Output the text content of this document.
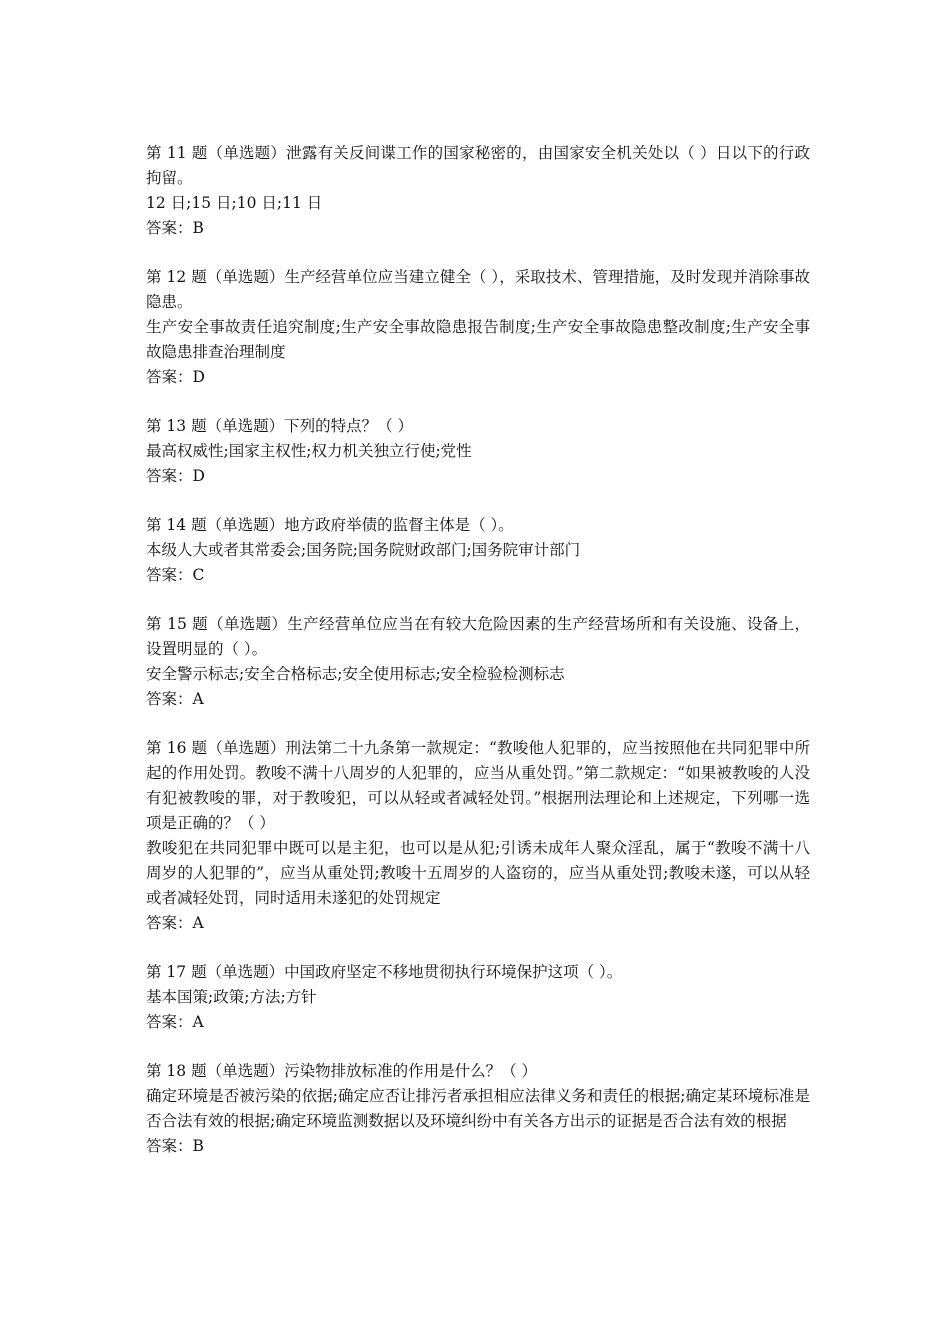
第 11 题（单选题）泄露有关反间谍工作的国家秘密的，由国家安全机关处以（ ）日以下的行政拘留。

12 日;15 日;10 日;11 日

答案：B

第 12 题（单选题）生产经营单位应当建立健全（ ），采取技术、管理措施，及时发现并消除事故隐患。

生产安全事故责任追究制度;生产安全事故隐患报告制度;生产安全事故隐患整改制度;生产安全事故隐患排查治理制度

答案：D

第 13 题（单选题）下列的特点？（ ）

最高权威性;国家主权性;权力机关独立行使;党性

答案：D

第 14 题（单选题）地方政府举债的监督主体是（ ）。

本级人大或者其常委会;国务院;国务院财政部门;国务院审计部门

答案：C

第 15 题（单选题）生产经营单位应当在有较大危险因素的生产经营场所和有关设施、设备上，设置明显的（ ）。

安全警示标志;安全合格标志;安全使用标志;安全检验检测标志

答案：A

第 16 题（单选题）刑法第二十九条第一款规定：“教唆他人犯罪的，应当按照他在共同犯罪中所起的作用处罚。教唆不满十八周岁的人犯罪的，应当从重处罚。”第二款规定：“如果被教唆的人没有犯被教唆的罪，对于教唆犯，可以从轻或者减轻处罚。”根据刑法理论和上述规定，下列哪一选项是正确的？（ ）

教唆犯在共同犯罪中既可以是主犯，也可以是从犯;引诱未成年人聚众淫乱，属于“教唆不满十八周岁的人犯罪的”，应当从重处罚;教唆十五周岁的人盗窃的，应当从重处罚;教唆未遂，可以从轻或者减轻处罚，同时适用未遂犯的处罚规定

答案：A

第 17 题（单选题）中国政府坚定不移地贯彻执行环境保护这项（ ）。

基本国策;政策;方法;方针

答案：A

第 18 题（单选题）污染物排放标准的作用是什么？（ ）

确定环境是否被污染的依据;确定应否让排污者承担相应法律义务和责任的根据;确定某环境标准是否合法有效的根据;确定环境监测数据以及环境纠纷中有关各方出示的证据是否合法有效的根据

答案：B
